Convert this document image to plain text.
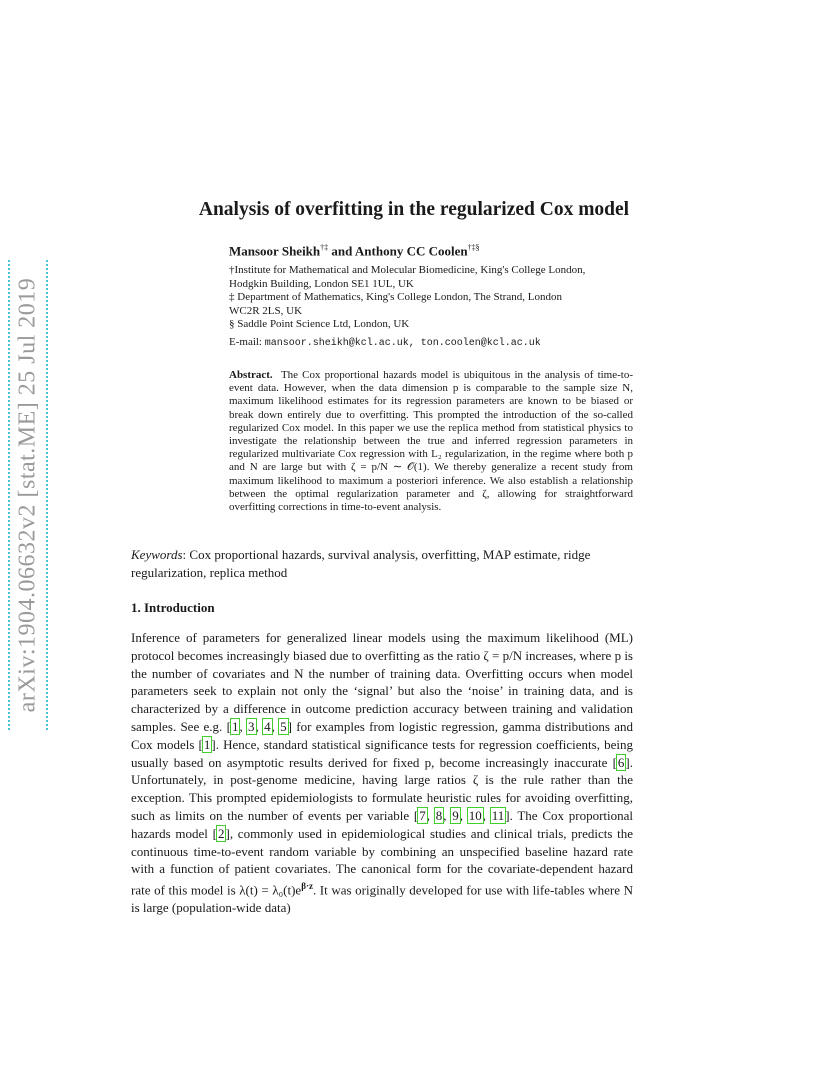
arXiv:1904.06632v2 [stat.ME] 25 Jul 2019
Analysis of overfitting in the regularized Cox model
Mansoor Sheikh†‡ and Anthony CC Coolen†‡§
†Institute for Mathematical and Molecular Biomedicine, King's College London,
Hodgkin Building, London SE1 1UL, UK
‡ Department of Mathematics, King's College London, The Strand, London
WC2R 2LS, UK
§ Saddle Point Science Ltd, London, UK
E-mail: mansoor.sheikh@kcl.ac.uk, ton.coolen@kcl.ac.uk
Abstract. The Cox proportional hazards model is ubiquitous in the analysis of time-to-event data. However, when the data dimension p is comparable to the sample size N, maximum likelihood estimates for its regression parameters are known to be biased or break down entirely due to overfitting. This prompted the introduction of the so-called regularized Cox model. In this paper we use the replica method from statistical physics to investigate the relationship between the true and inferred regression parameters in regularized multivariate Cox regression with L₂ regularization, in the regime where both p and N are large but with ζ = p/N ∼ 𝒪(1). We thereby generalize a recent study from maximum likelihood to maximum a posteriori inference. We also establish a relationship between the optimal regularization parameter and ζ, allowing for straightforward overfitting corrections in time-to-event analysis.
Keywords: Cox proportional hazards, survival analysis, overfitting, MAP estimate, ridge regularization, replica method
1. Introduction
Inference of parameters for generalized linear models using the maximum likelihood (ML) protocol becomes increasingly biased due to overfitting as the ratio ζ = p/N increases, where p is the number of covariates and N the number of training data. Overfitting occurs when model parameters seek to explain not only the ‘signal’ but also the ‘noise’ in training data, and is characterized by a difference in outcome prediction accuracy between training and validation samples. See e.g. [1, 3, 4, 5] for examples from logistic regression, gamma distributions and Cox models [1]. Hence, standard statistical significance tests for regression coefficients, being usually based on asymptotic results derived for fixed p, become increasingly inaccurate [6]. Unfortunately, in post-genome medicine, having large ratios ζ is the rule rather than the exception. This prompted epidemiologists to formulate heuristic rules for avoiding overfitting, such as limits on the number of events per variable [7, 8, 9, 10, 11]. The Cox proportional hazards model [2], commonly used in epidemiological studies and clinical trials, predicts the continuous time-to-event random variable by combining an unspecified baseline hazard rate with a function of patient covariates. The canonical form for the covariate-dependent hazard rate of this model is $\lambda(t) = \lambda_0(t)e^{\beta\cdot z}$. It was originally developed for use with life-tables where N is large (population-wide data)
